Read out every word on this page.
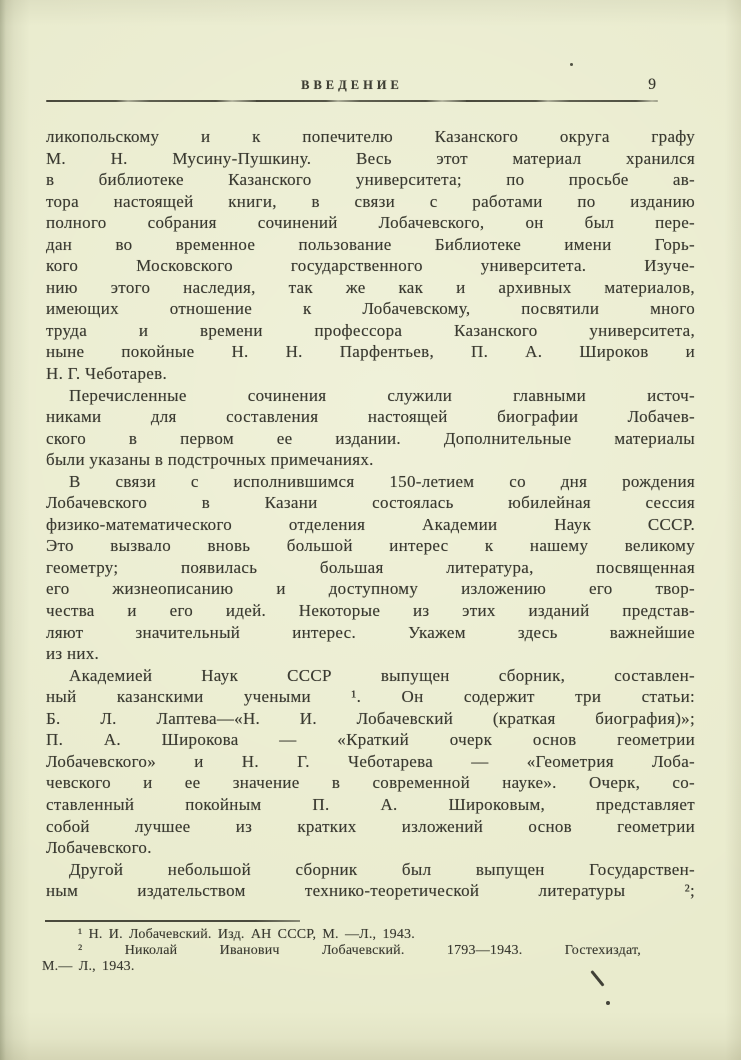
ВВЕДЕНИЕ	9
ликопольскому и к попечителю Казанского округа графу
М. Н. Мусину-Пушкину. Весь этот материал хранился
в библиотеке Казанского университета; по просьбе ав-
тора настоящей книги, в связи с работами по изданию
полного собрания сочинений Лобачевского, он был пере-
дан во временное пользование Библиотеке имени Горь-
кого Московского государственного университета. Изуче-
нию этого наследия, так же как и архивных материалов,
имеющих отношение к Лобачевскому, посвятили много
труда и времени профессора Казанского университета,
ныне покойные Н. Н. Парфентьев, П. А. Широков и
Н. Г. Чеботарев.
Перечисленные сочинения служили главными источ-
никами для составления настоящей биографии Лобачев-
ского в первом ее издании. Дополнительные материалы
были указаны в подстрочных примечаниях.
В связи с исполнившимся 150-летием со дня рождения
Лобачевского в Казани состоялась юбилейная сессия
физико-математического отделения Академии Наук СССР.
Это вызвало вновь большой интерес к нашему великому
геометру; появилась большая литература, посвященная
его жизнеописанию и доступному изложению его твор-
чества и его идей. Некоторые из этих изданий представ-
ляют значительный интерес. Укажем здесь важнейшие
из них.
Академией Наук СССР выпущен сборник, составлен-
ный казанскими учеными ¹. Он содержит три статьи:
Б. Л. Лаптева—«Н. И. Лобачевский (краткая биография)»;
П. А. Широкова — «Краткий очерк основ геометрии
Лобачевского» и Н. Г. Чеботарева — «Геометрия Лоба-
чевского и ее значение в современной науке». Очерк, со-
ставленный покойным П. А. Широковым, представляет
собой лучшее из кратких изложений основ геометрии
Лобачевского.
Другой небольшой сборник был выпущен Государствен-
ным издательством технико-теоретической литературы ²;
¹ Н. И. Лобачевский. Изд. АН СССР, М. —Л., 1943.
² Николай Иванович Лобачевский. 1793—1943. Гостехиздат,
М.— Л., 1943.
